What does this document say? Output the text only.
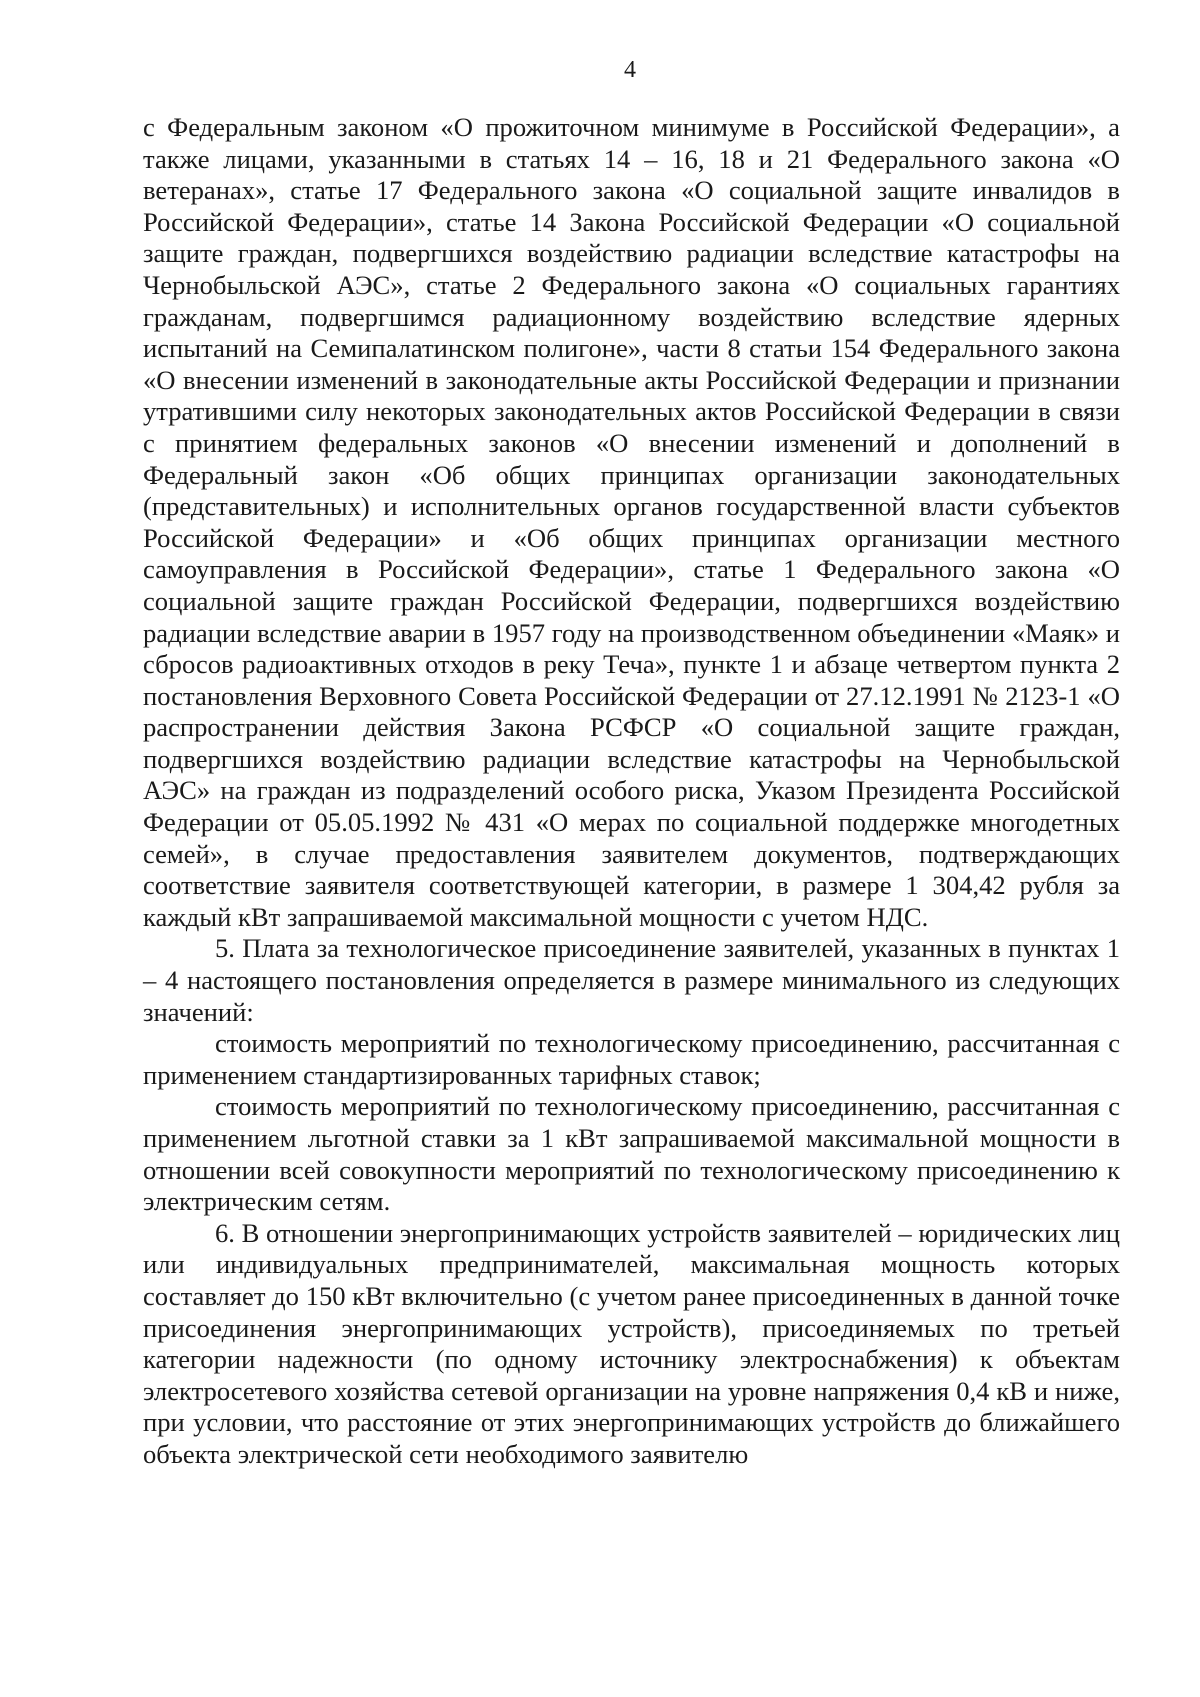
4

с Федеральным законом «О прожиточном минимуме в Российской Федерации», а также лицами, указанными в статьях 14 – 16, 18 и 21 Федерального закона «О ветеранах», статье 17 Федерального закона «О социальной защите инвалидов в Российской Федерации», статье 14 Закона Российской Федерации «О социальной защите граждан, подвергшихся воздействию радиации вследствие катастрофы на Чернобыльской АЭС», статье 2 Федерального закона «О социальных гарантиях гражданам, подвергшимся радиационному воздействию вследствие ядерных испытаний на Семипалатинском полигоне», части 8 статьи 154 Федерального закона «О внесении изменений в законодательные акты Российской Федерации и признании утратившими силу некоторых законодательных актов Российской Федерации в связи с принятием федеральных законов «О внесении изменений и дополнений в Федеральный закон «Об общих принципах организации законодательных (представительных) и исполнительных органов государственной власти субъектов Российской Федерации» и «Об общих принципах организации местного самоуправления в Российской Федерации», статье 1 Федерального закона «О социальной защите граждан Российской Федерации, подвергшихся воздействию радиации вследствие аварии в 1957 году на производственном объединении «Маяк» и сбросов радиоактивных отходов в реку Теча», пункте 1 и абзаце четвертом пункта 2 постановления Верховного Совета Российской Федерации от 27.12.1991 № 2123-1 «О распространении действия Закона РСФСР «О социальной защите граждан, подвергшихся воздействию радиации вследствие катастрофы на Чернобыльской АЭС» на граждан из подразделений особого риска, Указом Президента Российской Федерации от 05.05.1992 № 431 «О мерах по социальной поддержке многодетных семей», в случае предоставления заявителем документов, подтверждающих соответствие заявителя соответствующей категории, в размере 1 304,42 рубля за каждый кВт запрашиваемой максимальной мощности с учетом НДС.

5. Плата за технологическое присоединение заявителей, указанных в пунктах 1 – 4 настоящего постановления определяется в размере минимального из следующих значений:

стоимость мероприятий по технологическому присоединению, рассчитанная с применением стандартизированных тарифных ставок;

стоимость мероприятий по технологическому присоединению, рассчитанная с применением льготной ставки за 1 кВт запрашиваемой максимальной мощности в отношении всей совокупности мероприятий по технологическому присоединению к электрическим сетям.

6. В отношении энергопринимающих устройств заявителей – юридических лиц или индивидуальных предпринимателей, максимальная мощность которых составляет до 150 кВт включительно (с учетом ранее присоединенных в данной точке присоединения энергопринимающих устройств), присоединяемых по третьей категории надежности (по одному источнику электроснабжения) к объектам электросетевого хозяйства сетевой организации на уровне напряжения 0,4 кВ и ниже, при условии, что расстояние от этих энергопринимающих устройств до ближайшего объекта электрической сети необходимого заявителю
